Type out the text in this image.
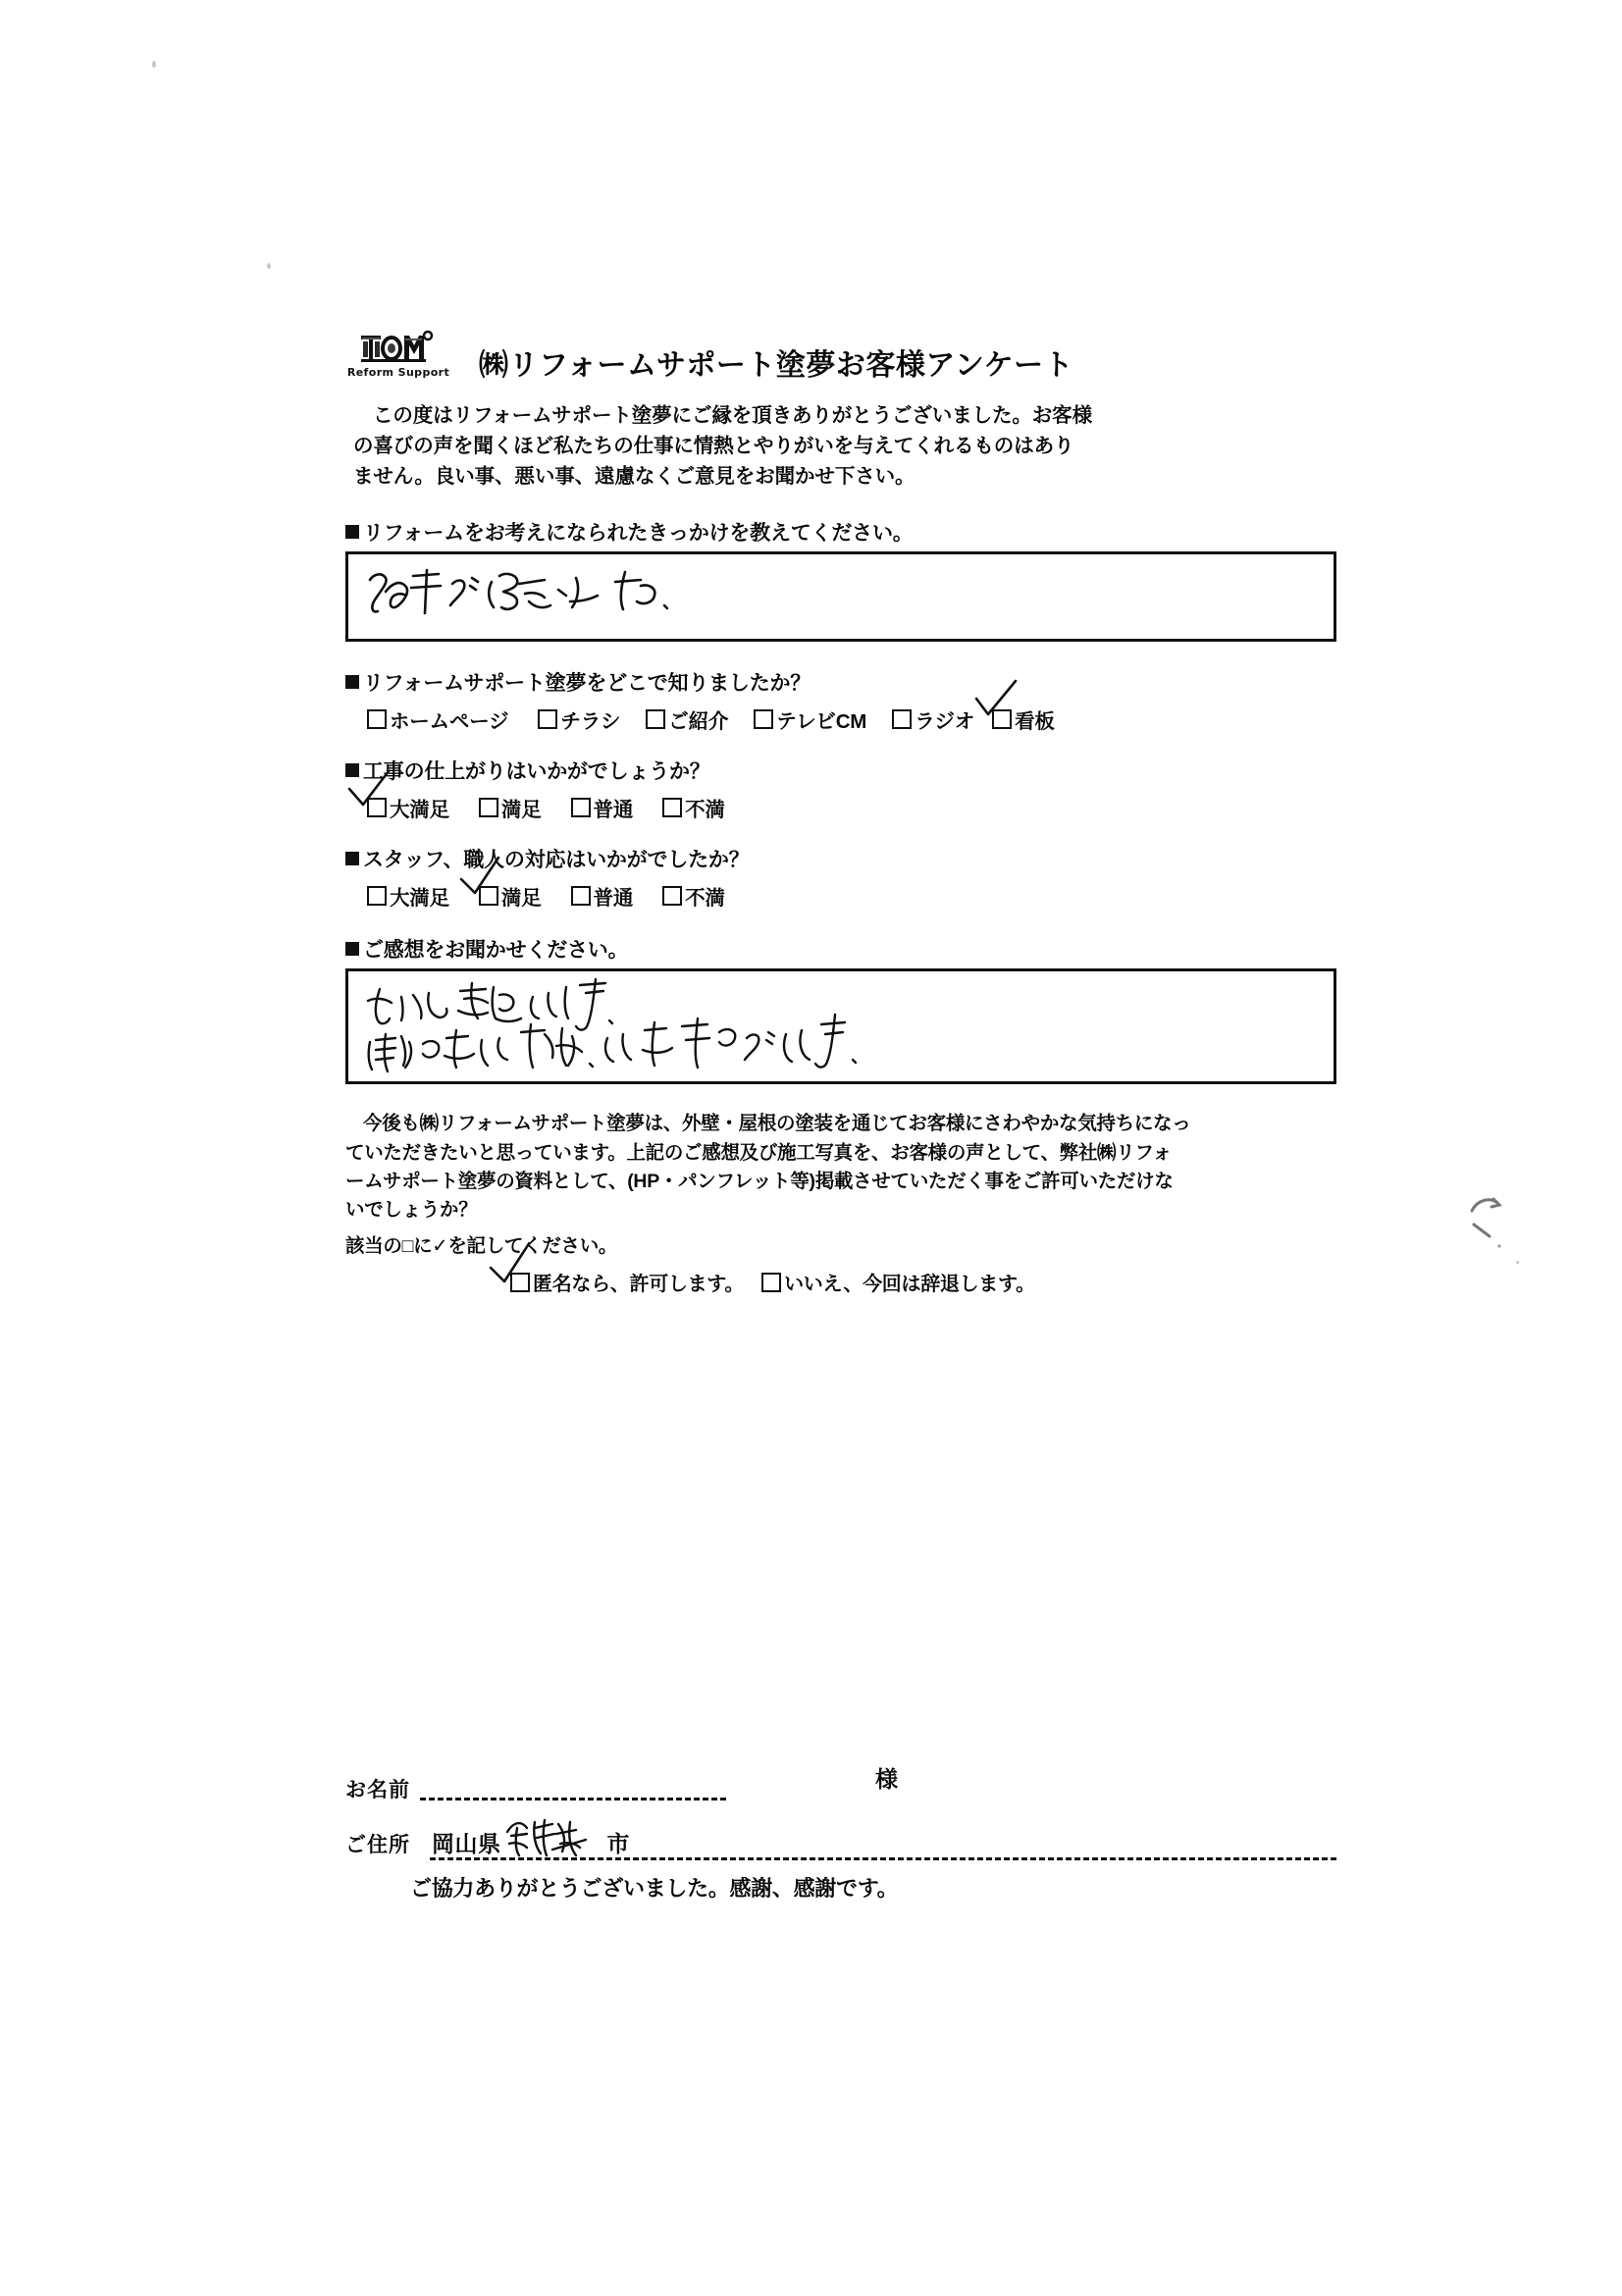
Reform Support ㈱リフォームサポート塗夢お客様アンケート

この度はリフォームサポート塗夢にご縁を頂きありがとうございました。お客様

の喜びの声を聞くほど私たちの仕事に情熱とやりがいを与えてくれるものはあり

ません。良い事、悪い事、遠慮なくご意見をお聞かせ下さい。

リフォームをお考えになられたきっかけを教えてください。
リフォームサポート塗夢をどこで知りましたか？
ホームページ	チラシ ご紹介 テレビCM ラジオ 看板
工事の仕上がりはいかがでしょうか？
大満足	満足	普通	不満
スタッフ、職人の対応はいかがでしたか？
大満足	満足	普通	不満
ご感想をお聞かせください。

今後も㈱リフォームサポート塗夢は、外壁・屋根の塗装を通じてお客様にさわやかな気持ちになっ

ていただきたいと思っています。上記のご感想及び施工写真を、お客様の声として、弊社㈱リフォ

ームサポート塗夢の資料として、(HP・パンフレット等)掲載させていただく事をご許可いただけな

いでしょうか？

該当の□に✓を記してください。
匿名なら、許可します。 いいえ、今回は辞退します。
お名前	様
ご住所 岡山県	市
ご協力ありがとうございました。感謝、感謝です。
